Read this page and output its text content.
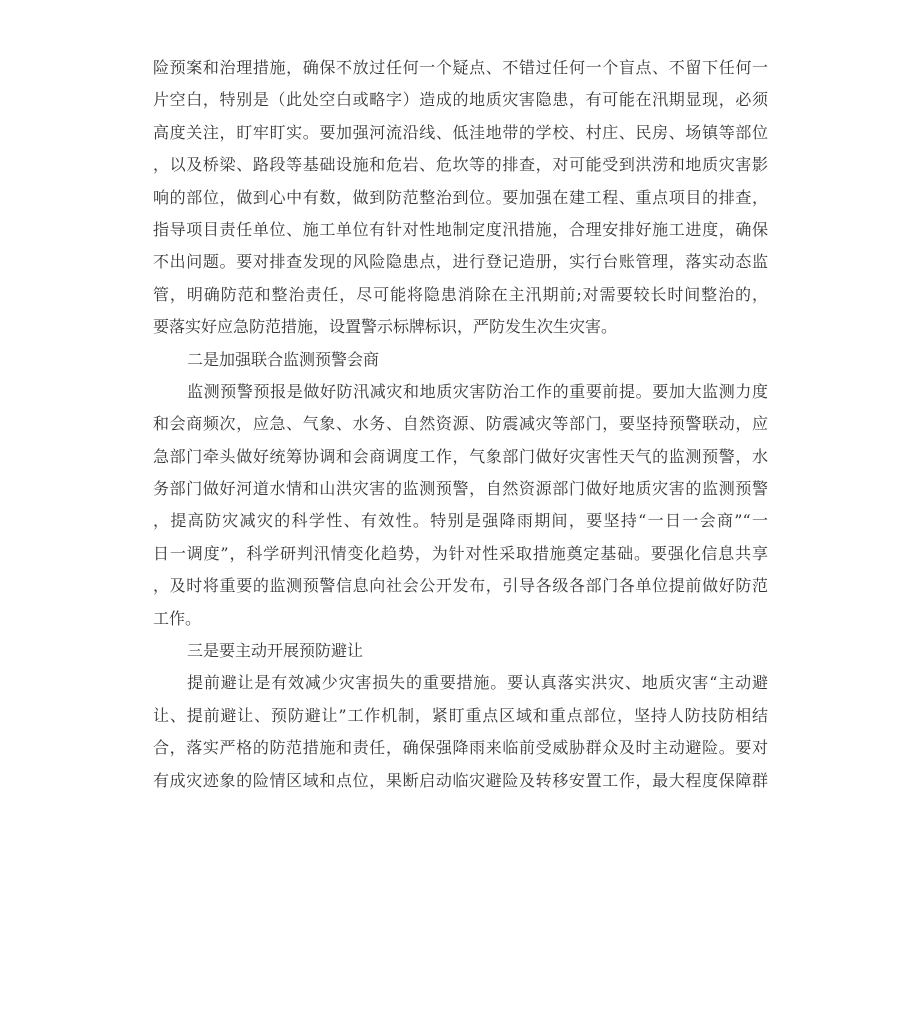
险预案和治理措施，确保不放过任何一个疑点、不错过任何一个盲点、不留下任何一
片空白，特别是（此处空白或略字）造成的地质灾害隐患，有可能在汛期显现，必须
高度关注，盯牢盯实。要加强河流沿线、低洼地带的学校、村庄、民房、场镇等部位
，以及桥梁、路段等基础设施和危岩、危坎等的排查，对可能受到洪涝和地质灾害影
响的部位，做到心中有数，做到防范整治到位。要加强在建工程、重点项目的排查，
指导项目责任单位、施工单位有针对性地制定度汛措施，合理安排好施工进度，确保
不出问题。要对排查发现的风险隐患点，进行登记造册，实行台账管理，落实动态监
管，明确防范和整治责任，尽可能将隐患消除在主汛期前;对需要较长时间整治的，
要落实好应急防范措施，设置警示标牌标识，严防发生次生灾害。
二是加强联合监测预警会商
监测预警预报是做好防汛减灾和地质灾害防治工作的重要前提。要加大监测力度
和会商频次，应急、气象、水务、自然资源、防震减灾等部门，要坚持预警联动，应
急部门牵头做好统筹协调和会商调度工作，气象部门做好灾害性天气的监测预警，水
务部门做好河道水情和山洪灾害的监测预警，自然资源部门做好地质灾害的监测预警
，提高防灾减灾的科学性、有效性。特别是强降雨期间，要坚持“一日一会商”“一
日一调度”，科学研判汛情变化趋势，为针对性采取措施奠定基础。要强化信息共享
，及时将重要的监测预警信息向社会公开发布，引导各级各部门各单位提前做好防范
工作。
三是要主动开展预防避让
提前避让是有效减少灾害损失的重要措施。要认真落实洪灾、地质灾害“主动避
让、提前避让、预防避让”工作机制，紧盯重点区域和重点部位，坚持人防技防相结
合，落实严格的防范措施和责任，确保强降雨来临前受威胁群众及时主动避险。要对
有成灾迹象的险情区域和点位，果断启动临灾避险及转移安置工作，最大程度保障群
